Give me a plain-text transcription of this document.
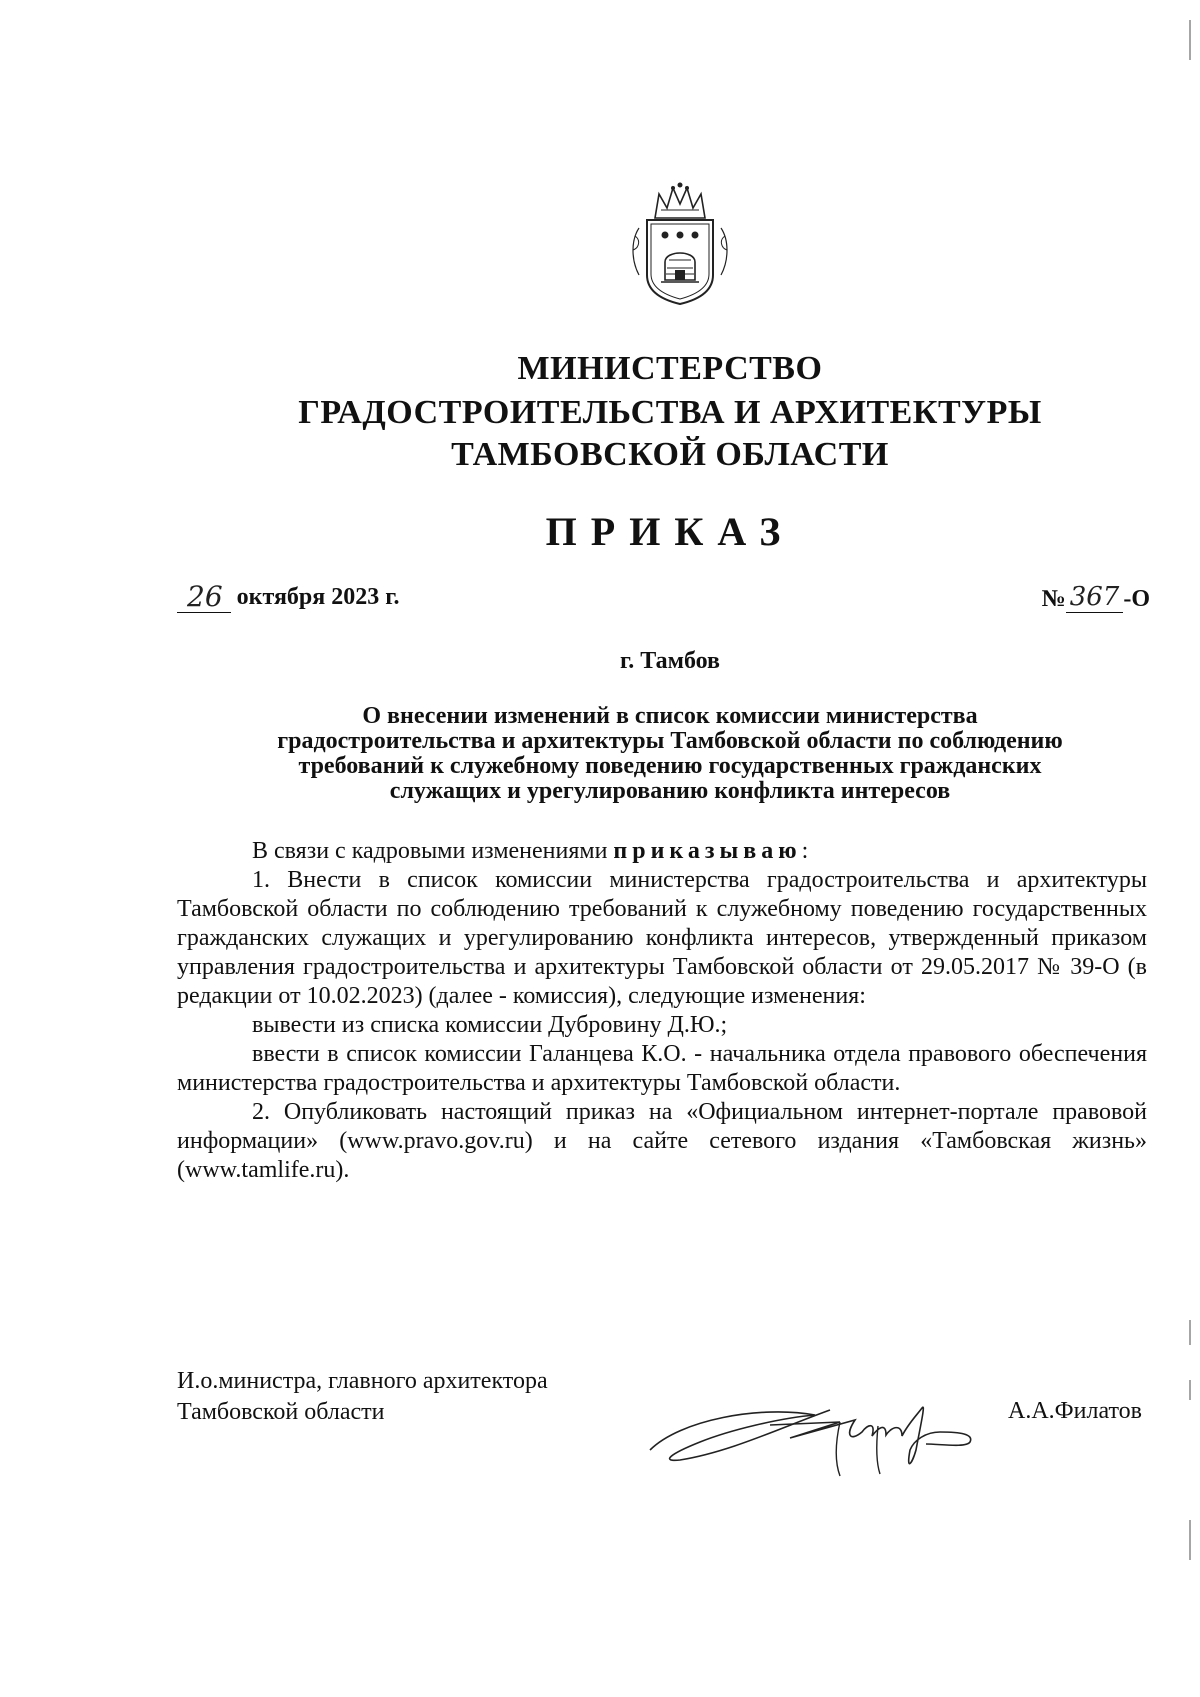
МИНИСТЕРСТВО
ГРАДОСТРОИТЕЛЬСТВА И АРХИТЕКТУРЫ
ТАМБОВСКОЙ ОБЛАСТИ
ПРИКАЗ
26 октября 2023 г.	№ 367 -О
г. Тамбов
О внесении изменений в список комиссии министерства
градостроительства и архитектуры Тамбовской области по соблюдению
требований к служебному поведению государственных гражданских
служащих и урегулированию конфликта интересов

В связи с кадровыми изменениями приказываю:

1. Внести в список комиссии министерства градостроительства и архитектуры Тамбовской области по соблюдению требований к служебному поведению государственных гражданских служащих и урегулированию конфликта интересов, утвержденный приказом управления градостроительства и архитектуры Тамбовской области от 29.05.2017 № 39-О (в редакции от 10.02.2023) (далее - комиссия), следующие изменения:

вывести из списка комиссии Дубровину Д.Ю.;

ввести в список комиссии Галанцева К.О. - начальника отдела правового обеспечения министерства градостроительства и архитектуры Тамбовской области.

2. Опубликовать настоящий приказ на «Официальном интернет-портале правовой информации» (www.pravo.gov.ru) и на сайте сетевого издания «Тамбовская жизнь» (www.tamlife.ru).

И.о.министра, главного архитектора
Тамбовской области	А.А.Филатов
